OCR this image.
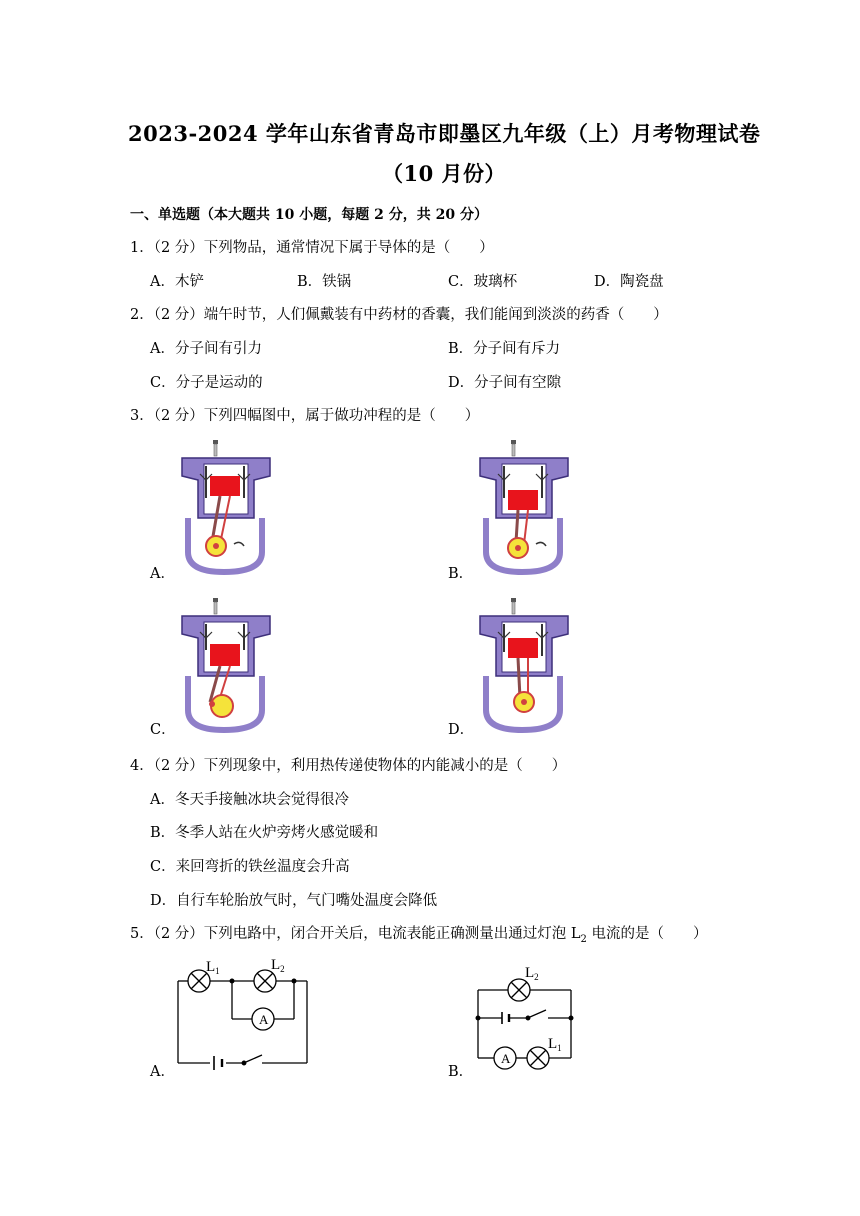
2023-2024 学年山东省青岛市即墨区九年级（上）月考物理试卷
（10 月份）
一、单选题（本大题共 10 小题，每题 2 分，共 20 分）
1．（2 分）下列物品，通常情况下属于导体的是（　　）
A．木铲	B．铁锅	C．玻璃杯	D．陶瓷盘
2．（2 分）端午时节，人们佩戴装有中药材的香囊，我们能闻到淡淡的药香（　　）
A．分子间有引力	B．分子间有斥力
C．分子是运动的	D．分子间有空隙
3．（2 分）下列四幅图中，属于做功冲程的是（　　）
A．	B．
C．	D．
4．（2 分）下列现象中，利用热传递使物体的内能减小的是（　　）
A．冬天手接触冰块会觉得很冷
B．冬季人站在火炉旁烤火感觉暖和
C．来回弯折的铁丝温度会升高
D．自行车轮胎放气时，气门嘴处温度会降低
5．（2 分）下列电路中，闭合开关后，电流表能正确测量出通过灯泡 $L_2$ 电流的是（　　）
$L_1$	$L_2$
A
A．
$L_2$
A
$L_1$
B．
